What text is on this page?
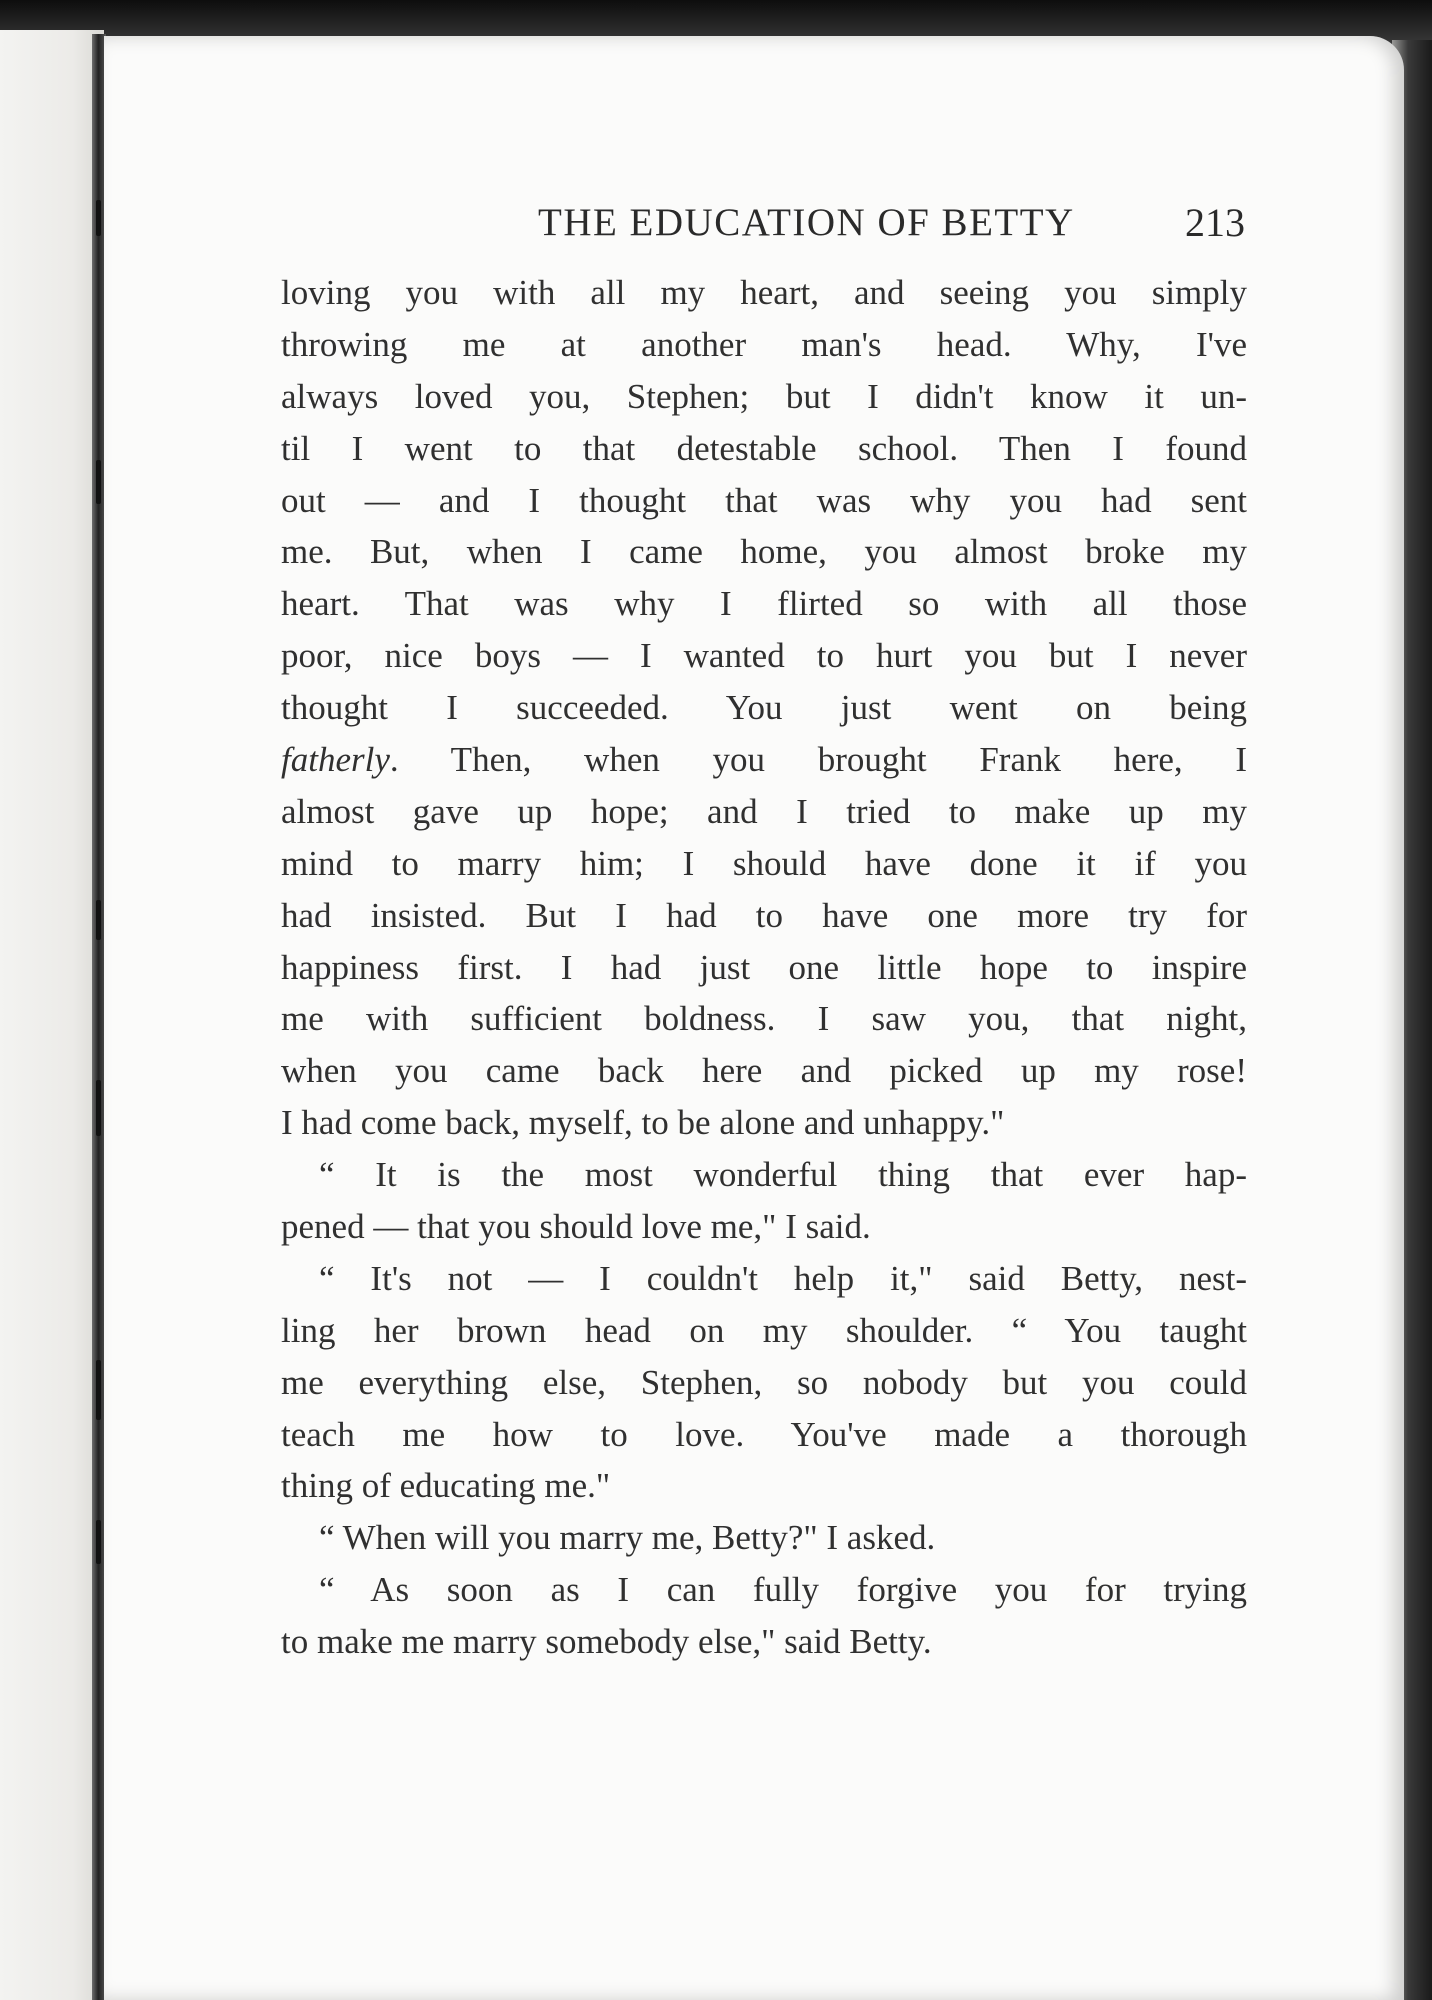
THE EDUCATION OF BETTY	213
loving you with all my heart, and seeing you simply
throwing me at another man's head. Why, I've
always loved you, Stephen; but I didn't know it un-
til I went to that detestable school. Then I found
out — and I thought that was why you had sent
me. But, when I came home, you almost broke my
heart. That was why I flirted so with all those
poor, nice boys — I wanted to hurt you but I never
thought I succeeded. You just went on being
fatherly. Then, when you brought Frank here, I
almost gave up hope; and I tried to make up my
mind to marry him; I should have done it if you
had insisted. But I had to have one more try for
happiness first. I had just one little hope to inspire
me with sufficient boldness. I saw you, that night,
when you came back here and picked up my rose!
I had come back, myself, to be alone and unhappy."
“ It is the most wonderful thing that ever hap-
pened — that you should love me," I said.
“ It's not — I couldn't help it," said Betty, nest-
ling her brown head on my shoulder. “ You taught
me everything else, Stephen, so nobody but you could
teach me how to love. You've made a thorough
thing of educating me."
“ When will you marry me, Betty?" I asked.
“ As soon as I can fully forgive you for trying
to make me marry somebody else," said Betty.
